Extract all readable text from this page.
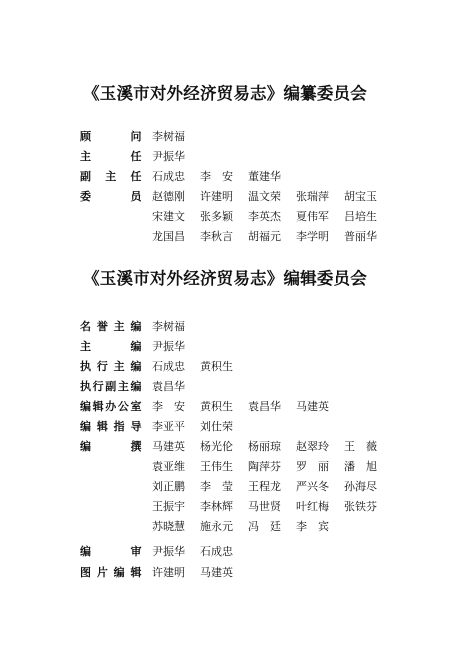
《玉溪市对外经济贸易志》编纂委员会
顾	问 李树福
主	任 尹振华
副 主 任 石成忠 李　安 董建华
委	员 赵德刚 许建明 温文荣 张瑞萍 胡宝玉
宋建文 张多颖 李英杰 夏伟军 吕培生
龙国昌 李秋言 胡福元 李学明 普丽华
《玉溪市对外经济贸易志》编辑委员会
名 誉 主 编 李树福
主	编 尹振华
执 行 主 编 石成忠 黄积生
执 行 副 主 编 袁昌华
编 辑 办 公 室 李　安 黄积生 袁昌华 马建英
编 辑 指 导 李亚平 刘仕荣
编	撰 马建英 杨光伦 杨丽琼 赵翠玲 王　薇
袁亚维 王伟生 陶萍芬 罗　丽 潘　旭
刘正鹏 李　莹 王程龙 严兴冬 孙海尽
王振宇 李林辉 马世贤 叶红梅 张铁芬
苏晓慧 施永元 冯　廷 李　宾
编	审 尹振华 石成忠
图 片 编 辑 许建明 马建英
